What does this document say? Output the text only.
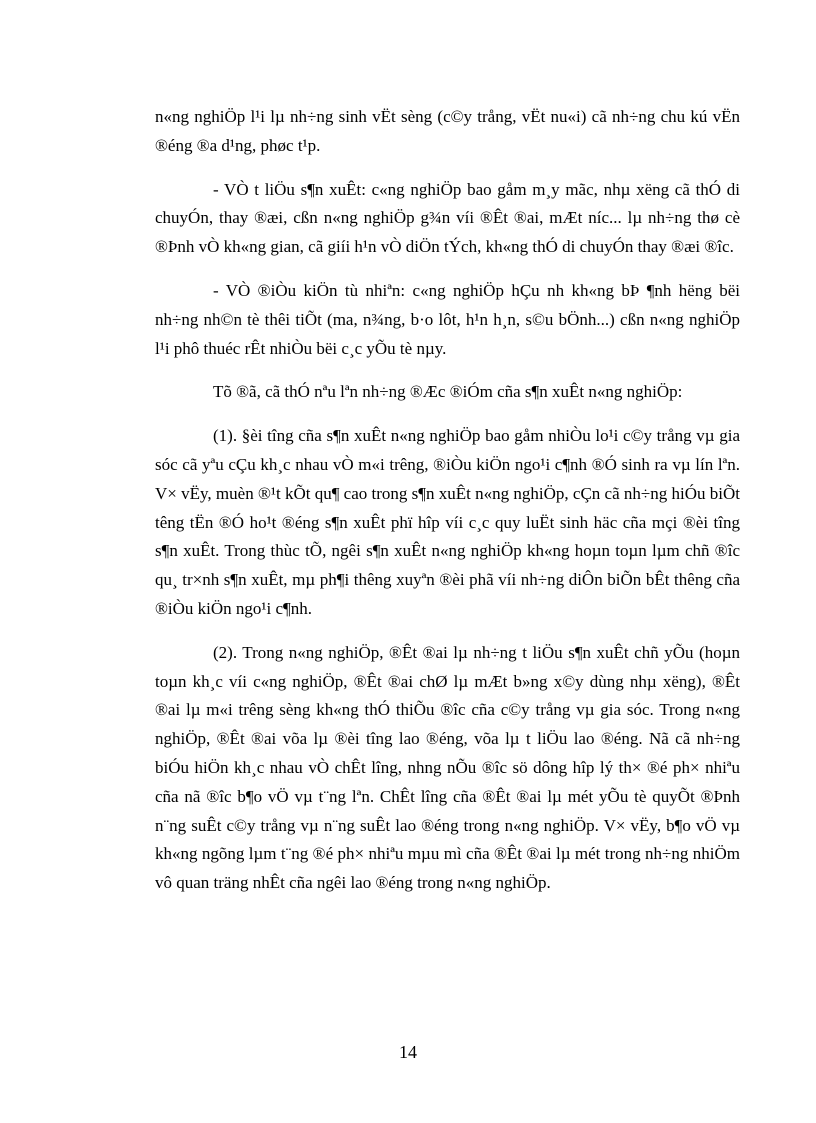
n«ng nghiÖp l¹i lµ nh÷ng sinh vËt sèng (c©y trång, vËt nu«i) cã nh÷ng chu kú vËn ®éng ®a d¹ng, phøc t¹p.

- VÒ t liÖu s¶n xuÊt: c«ng nghiÖp bao gåm m¸y mãc, nhµ xëng cã thÓ di chuyÓn, thay ®æi, cßn n«ng nghiÖp g¾n víi ®Êt ®ai, mÆt níc... lµ nh÷ng thø cè ®Þnh vÒ kh«ng gian, cã giíi h¹n vÒ diÖn tÝch, kh«ng thÓ di chuyÓn thay ®æi ®îc.

- VÒ ®iÒu kiÖn tù nhiªn: c«ng nghiÖp hÇu nh kh«ng bÞ ¶nh hëng bëi nh÷ng nh©n tè thêi tiÕt (ma, n¾ng, b·o lôt, h¹n h¸n, s©u bÖnh...) cßn n«ng nghiÖp l¹i phô thuéc rÊt nhiÒu bëi c¸c yÕu tè nµy.

Tõ ®ã, cã thÓ nªu lªn nh÷ng ®Æc ®iÓm cña s¶n xuÊt n«ng nghiÖp:

(1). §èi tîng cña s¶n xuÊt n«ng nghiÖp bao gåm nhiÒu lo¹i c©y trång vµ gia sóc cã yªu cÇu kh¸c nhau vÒ m«i trêng, ®iÒu kiÖn ngo¹i c¶nh ®Ó sinh ra vµ lín lªn. V× vËy, muèn ®¹t kÕt qu¶ cao trong s¶n xuÊt n«ng nghiÖp, cÇn cã nh÷ng hiÓu biÕt têng tËn ®Ó ho¹t ®éng s¶n xuÊt phï hîp víi c¸c quy luËt sinh häc cña mçi ®èi tîng s¶n xuÊt. Trong thùc tÕ, ngêi s¶n xuÊt n«ng nghiÖp kh«ng hoµn toµn lµm chñ ®îc qu¸ tr×nh s¶n xuÊt, mµ ph¶i thêng xuyªn ®èi phã víi nh÷ng diÔn biÕn bÊt thêng cña ®iÒu kiÖn ngo¹i c¶nh.

(2). Trong n«ng nghiÖp, ®Êt ®ai lµ nh÷ng t liÖu s¶n xuÊt chñ yÕu (hoµn toµn kh¸c víi c«ng nghiÖp, ®Êt ®ai chØ lµ mÆt b»ng x©y dùng nhµ xëng), ®Êt ®ai lµ m«i trêng sèng kh«ng thÓ thiÕu ®îc cña c©y trång vµ gia sóc. Trong n«ng nghiÖp, ®Êt ®ai võa lµ ®èi tîng lao ®éng, võa lµ t liÖu lao ®éng. Nã cã nh÷ng biÓu hiÖn kh¸c nhau vÒ chÊt lîng, nhng nÕu ®îc sö dông hîp lý th× ®é ph× nhiªu cña nã ®îc b¶o vÖ vµ t¨ng lªn. ChÊt lîng cña ®Êt ®ai lµ mét yÕu tè quyÕt ®Þnh n¨ng suÊt c©y trång vµ n¨ng suÊt lao ®éng trong n«ng nghiÖp. V× vËy, b¶o vÖ vµ kh«ng ngõng lµm t¨ng ®é ph× nhiªu mµu mì cña ®Êt ®ai lµ mét trong nh÷ng nhiÖm vô quan träng nhÊt cña ngêi lao ®éng trong n«ng nghiÖp.

14
